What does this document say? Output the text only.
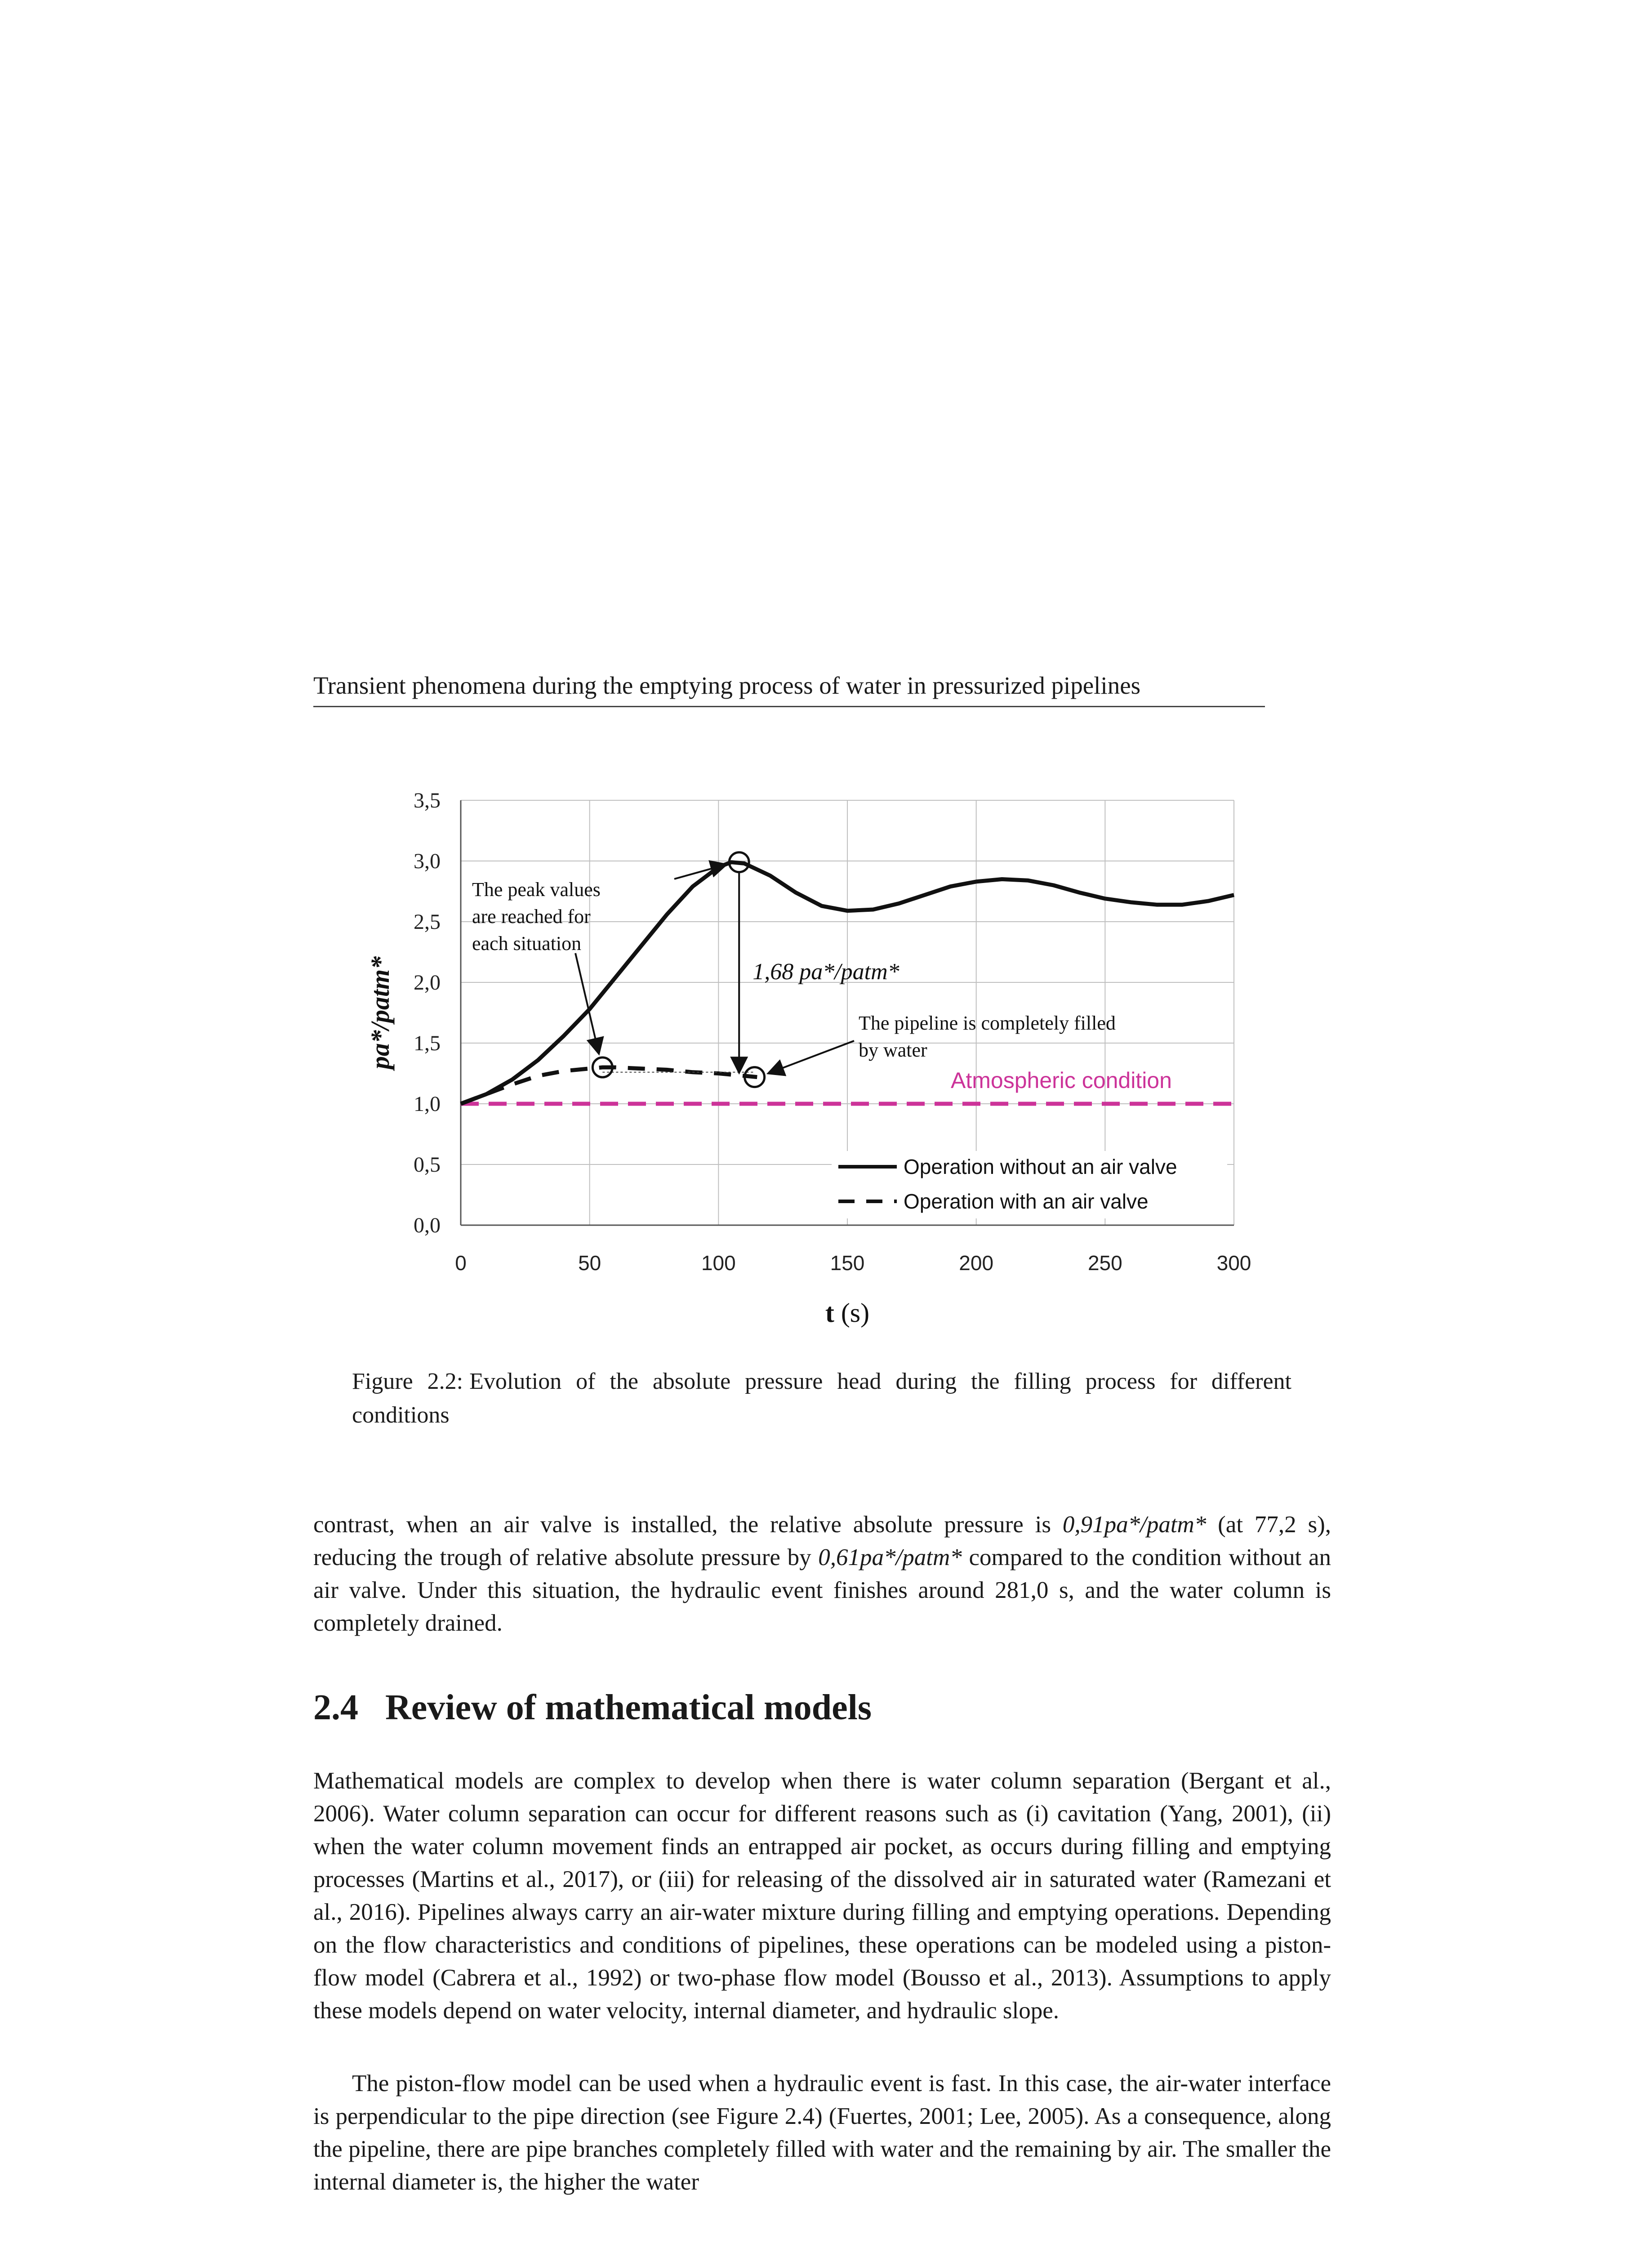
Transient phenomena during the emptying process of water in pressurized pipelines
The peak values
are reached for
each situation
1,68 pa*/patm*
The pipeline is completely filled
by water
Atmospheric condition
Operation without an air valve
Operation with an air valve
0,0
0,5
1,0
1,5
2,0
2,5
3,0
3,5
0	50	100	150	200	250	300
t (s)
pa*/patm*
Figure 2.2: Evolution of the absolute pressure head during the filling process for different conditions

contrast, when an air valve is installed, the relative absolute pressure is 0,91pa*/patm* (at 77,2 s), reducing the trough of relative absolute pressure by 0,61pa*/patm* compared to the condition without an air valve. Under this situation, the hydraulic event finishes around 281,0 s, and the water column is completely drained.

2.4 Review of mathematical models

Mathematical models are complex to develop when there is water column separation (Bergant et al., 2006). Water column separation can occur for different reasons such as (i) cavitation (Yang, 2001), (ii) when the water column movement finds an entrapped air pocket, as occurs during filling and emptying processes (Martins et al., 2017), or (iii) for releasing of the dissolved air in saturated water (Ramezani et al., 2016). Pipelines always carry an air-water mixture during filling and emptying operations. Depending on the flow characteristics and conditions of pipelines, these operations can be modeled using a piston-flow model (Cabrera et al., 1992) or two-phase flow model (Bousso et al., 2013). Assumptions to apply these models depend on water velocity, internal diameter, and hydraulic slope.

The piston-flow model can be used when a hydraulic event is fast. In this case, the air-water interface is perpendicular to the pipe direction (see Figure 2.4) (Fuertes, 2001; Lee, 2005). As a consequence, along the pipeline, there are pipe branches completely filled with water and the remaining by air. The smaller the internal diameter is, the higher the water
